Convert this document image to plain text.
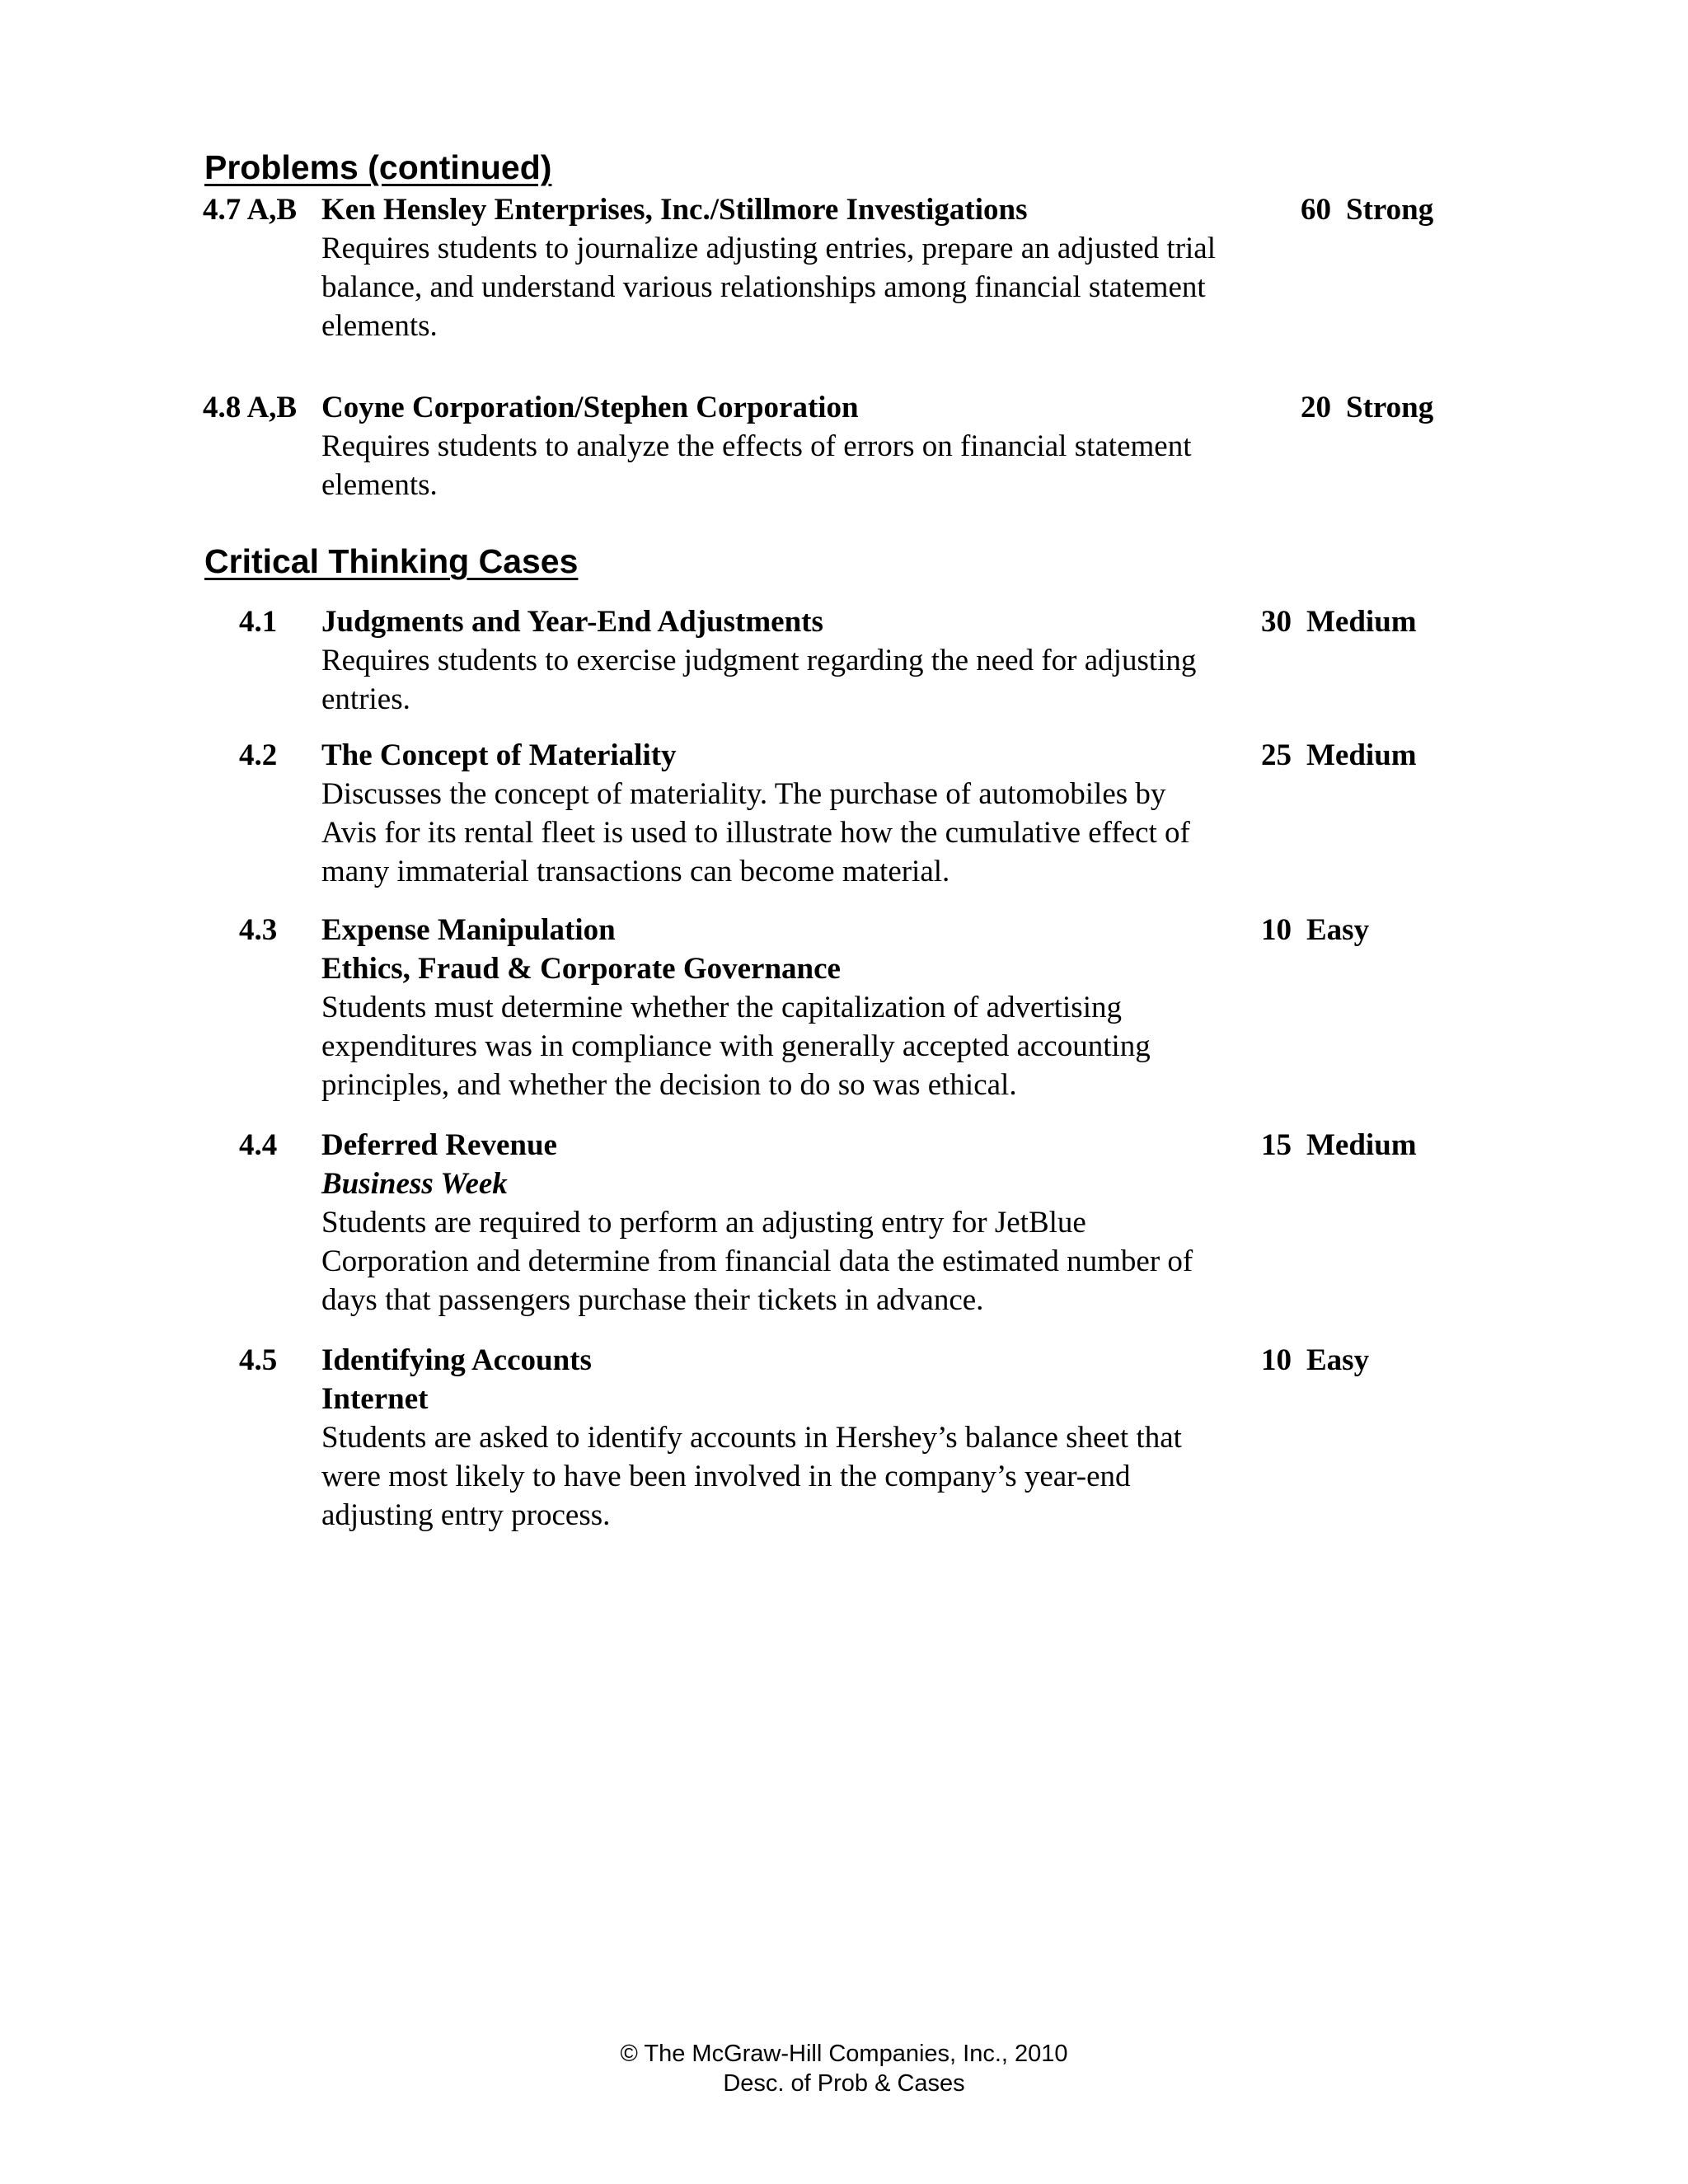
Problems (continued)
4.7 A,B Ken Hensley Enterprises, Inc./Stillmore Investigations
Requires students to journalize adjusting entries, prepare an adjusted trial
balance, and understand various relationships among financial statement
elements.
60 Strong
4.8 A,B Coyne Corporation/Stephen Corporation
Requires students to analyze the effects of errors on financial statement
elements.
20 Strong
Critical Thinking Cases
4.1 Judgments and Year-End Adjustments
Requires students to exercise judgment regarding the need for adjusting
entries.
30 Medium
4.2 The Concept of Materiality
Discusses the concept of materiality. The purchase of automobiles by
Avis for its rental fleet is used to illustrate how the cumulative effect of
many immaterial transactions can become material.
25 Medium
4.3 Expense Manipulation
Ethics, Fraud & Corporate Governance
Students must determine whether the capitalization of advertising
expenditures was in compliance with generally accepted accounting
principles, and whether the decision to do so was ethical.
10 Easy
4.4 Deferred Revenue
Business Week
Students are required to perform an adjusting entry for JetBlue
Corporation and determine from financial data the estimated number of
days that passengers purchase their tickets in advance.
15 Medium
4.5 Identifying Accounts
Internet
Students are asked to identify accounts in Hershey’s balance sheet that
were most likely to have been involved in the company’s year-end
adjusting entry process.
10 Easy
© The McGraw-Hill Companies, Inc., 2010
Desc. of Prob & Cases
